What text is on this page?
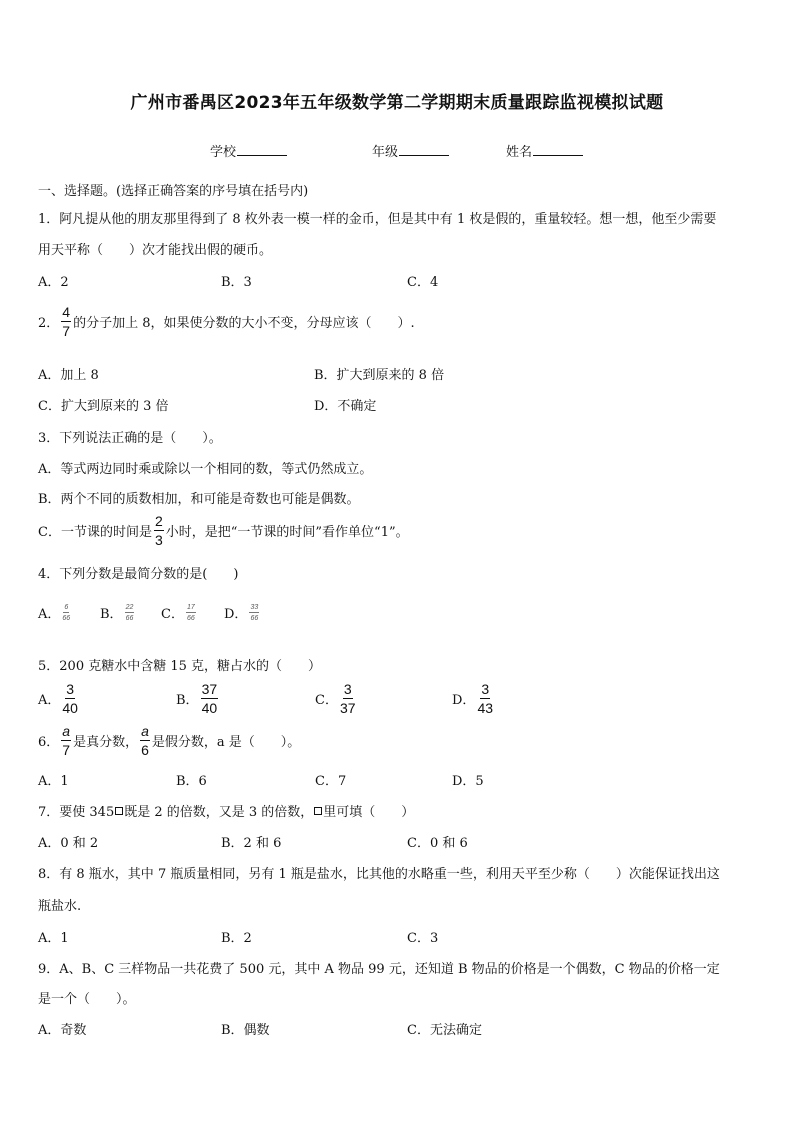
广州市番禺区2023年五年级数学第二学期期末质量跟踪监视模拟试题
学校	年级	姓名
一、选择题。(选择正确答案的序号填在括号内)
1．阿凡提从他的朋友那里得到了 8 枚外表一模一样的金币，但是其中有 1 枚是假的，重量较轻。想一想，他至少需要
用天平称（　　）次才能找出假的硬币。
A．2	B．3	C．4
2． $\frac{4}{7}$ 的分子加上 8，如果使分数的大小不变，分母应该（　　）.
A．加上 8	B．扩大到原来的 8 倍
C．扩大到原来的 3 倍	D．不确定
3．下列说法正确的是（　　）。
A．等式两边同时乘或除以一个相同的数，等式仍然成立。
B．两个不同的质数相加，和可能是奇数也可能是偶数。
C．一节课的时间是 $\frac{2}{3}$ 小时，是把“一节课的时间”看作单位“1”。
4．下列分数是最简分数的是(　　)
A． $\frac{6}{66}$ B． $\frac{22}{66}$ C． $\frac{17}{66}$ D． $\frac{33}{66}$
5．200 克糖水中含糖 15 克，糖占水的（　　）
A． $\frac{3}{40}$	B． $\frac{37}{40}$	C． $\frac{3}{37}$	D． $\frac{3}{43}$
6． $\frac{a}{7}$ 是真分数， $\frac{a}{6}$ 是假分数，a 是（　　）。
A．1	B．6	C．7	D．5
7．要使 345 既是 2 的倍数，又是 3 的倍数， 里可填（　　）
A．0 和 2	B．2 和 6	C．0 和 6
8．有 8 瓶水，其中 7 瓶质量相同，另有 1 瓶是盐水，比其他的水略重一些，利用天平至少称（　　）次能保证找出这
瓶盐水.
A．1	B．2	C．3
9．A、B、C 三样物品一共花费了 500 元，其中 A 物品 99 元，还知道 B 物品的价格是一个偶数，C 物品的价格一定
是一个（　　）。
A．奇数	B．偶数	C．无法确定
